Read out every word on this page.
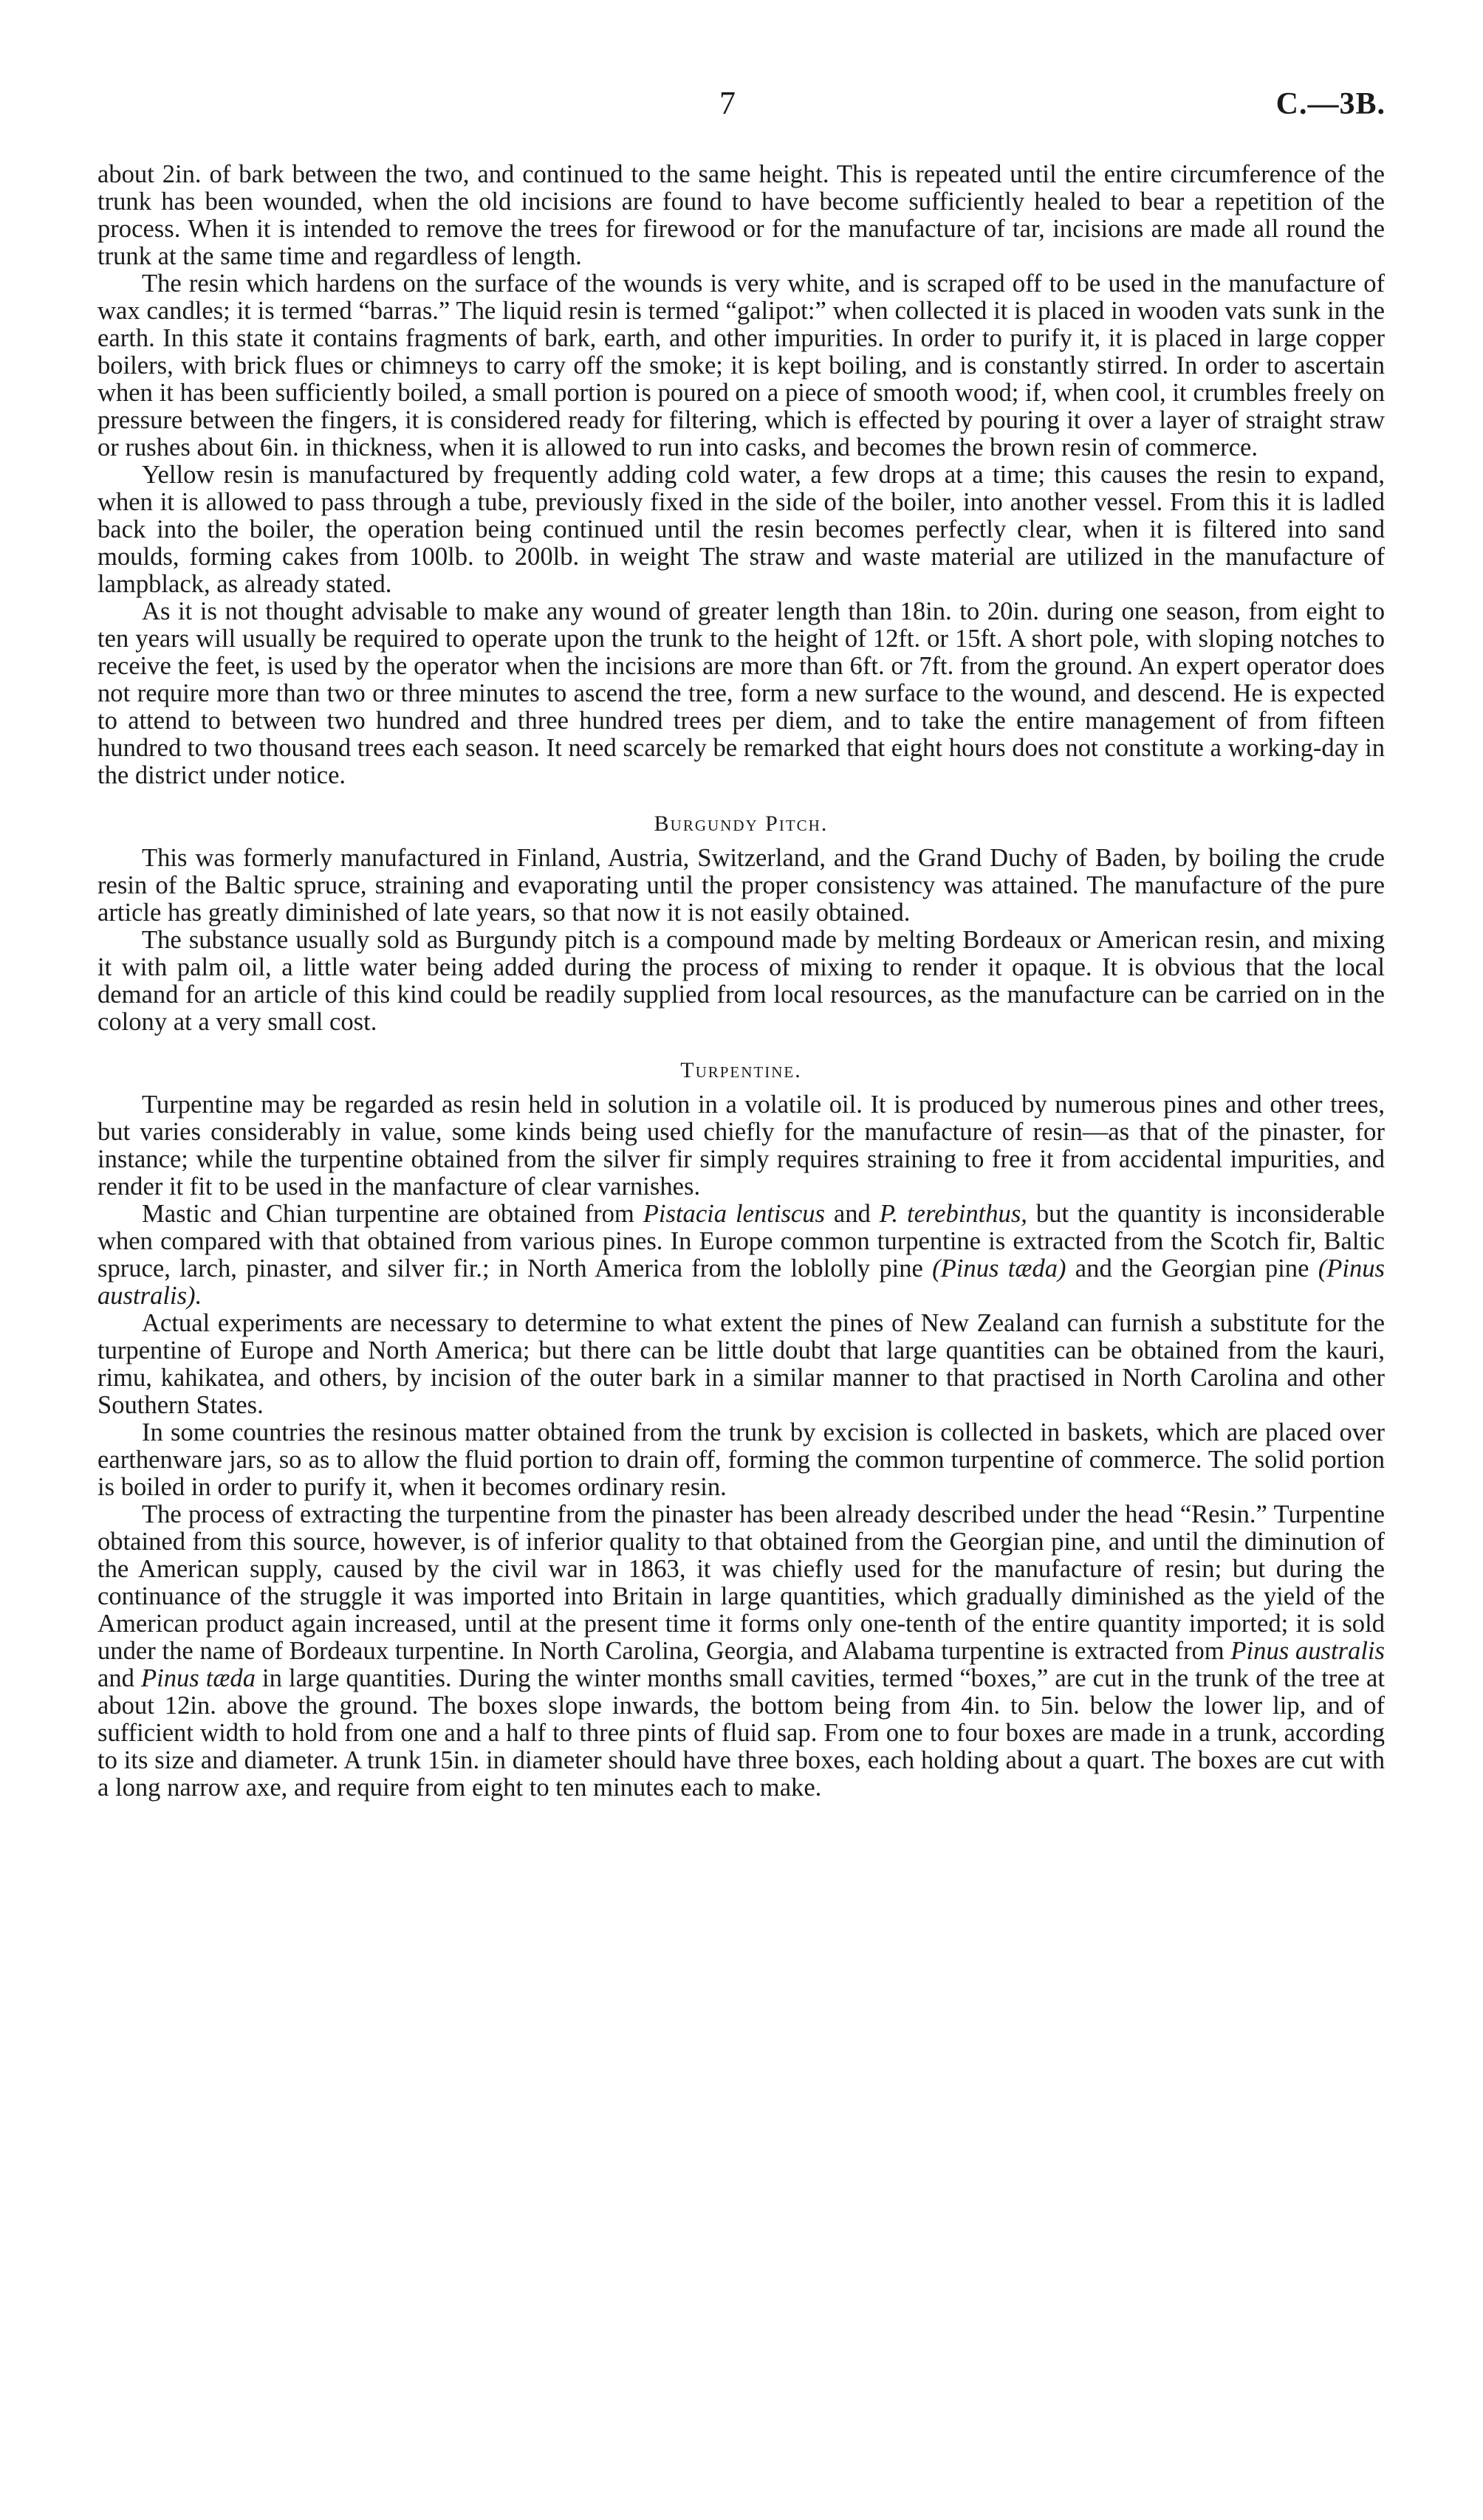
7	C.—3B.

about 2in. of bark between the two, and continued to the same height. This is repeated until the entire circumference of the trunk has been wounded, when the old incisions are found to have become sufficiently healed to bear a repetition of the process. When it is intended to remove the trees for firewood or for the manufacture of tar, incisions are made all round the trunk at the same time and regardless of length.

The resin which hardens on the surface of the wounds is very white, and is scraped off to be used in the manufacture of wax candles; it is termed “barras.” The liquid resin is termed “galipot:” when collected it is placed in wooden vats sunk in the earth. In this state it contains fragments of bark, earth, and other impurities. In order to purify it, it is placed in large copper boilers, with brick flues or chimneys to carry off the smoke; it is kept boiling, and is constantly stirred. In order to ascertain when it has been sufficiently boiled, a small portion is poured on a piece of smooth wood; if, when cool, it crumbles freely on pressure between the fingers, it is considered ready for filtering, which is effected by pouring it over a layer of straight straw or rushes about 6in. in thickness, when it is allowed to run into casks, and becomes the brown resin of commerce.

Yellow resin is manufactured by frequently adding cold water, a few drops at a time; this causes the resin to expand, when it is allowed to pass through a tube, previously fixed in the side of the boiler, into another vessel. From this it is ladled back into the boiler, the operation being continued until the resin becomes perfectly clear, when it is filtered into sand moulds, forming cakes from 100lb. to 200lb. in weight The straw and waste material are utilized in the manufacture of lampblack, as already stated.

As it is not thought advisable to make any wound of greater length than 18in. to 20in. during one season, from eight to ten years will usually be required to operate upon the trunk to the height of 12ft. or 15ft. A short pole, with sloping notches to receive the feet, is used by the operator when the incisions are more than 6ft. or 7ft. from the ground. An expert operator does not require more than two or three minutes to ascend the tree, form a new surface to the wound, and descend. He is expected to attend to between two hundred and three hundred trees per diem, and to take the entire management of from fifteen hundred to two thousand trees each season. It need scarcely be remarked that eight hours does not constitute a working-day in the district under notice.

Burgundy Pitch.

This was formerly manufactured in Finland, Austria, Switzerland, and the Grand Duchy of Baden, by boiling the crude resin of the Baltic spruce, straining and evaporating until the proper consistency was attained. The manufacture of the pure article has greatly diminished of late years, so that now it is not easily obtained.

The substance usually sold as Burgundy pitch is a compound made by melting Bordeaux or American resin, and mixing it with palm oil, a little water being added during the process of mixing to render it opaque. It is obvious that the local demand for an article of this kind could be readily supplied from local resources, as the manufacture can be carried on in the colony at a very small cost.

Turpentine.

Turpentine may be regarded as resin held in solution in a volatile oil. It is produced by numerous pines and other trees, but varies considerably in value, some kinds being used chiefly for the manufacture of resin—as that of the pinaster, for instance; while the turpentine obtained from the silver fir simply requires straining to free it from accidental impurities, and render it fit to be used in the manfacture of clear varnishes.

Mastic and Chian turpentine are obtained from Pistacia lentiscus and P. terebinthus, but the quantity is inconsiderable when compared with that obtained from various pines. In Europe common turpentine is extracted from the Scotch fir, Baltic spruce, larch, pinaster, and silver fir.; in North America from the loblolly pine (Pinus tæda) and the Georgian pine (Pinus australis).

Actual experiments are necessary to determine to what extent the pines of New Zealand can furnish a substitute for the turpentine of Europe and North America; but there can be little doubt that large quantities can be obtained from the kauri, rimu, kahikatea, and others, by incision of the outer bark in a similar manner to that practised in North Carolina and other Southern States.

In some countries the resinous matter obtained from the trunk by excision is collected in baskets, which are placed over earthenware jars, so as to allow the fluid portion to drain off, forming the common turpentine of commerce. The solid portion is boiled in order to purify it, when it becomes ordinary resin.

The process of extracting the turpentine from the pinaster has been already described under the head “Resin.” Turpentine obtained from this source, however, is of inferior quality to that obtained from the Georgian pine, and until the diminution of the American supply, caused by the civil war in 1863, it was chiefly used for the manufacture of resin; but during the continuance of the struggle it was imported into Britain in large quantities, which gradually diminished as the yield of the American product again increased, until at the present time it forms only one-tenth of the entire quantity imported; it is sold under the name of Bordeaux turpentine. In North Carolina, Georgia, and Alabama turpentine is extracted from Pinus australis and Pinus tæda in large quantities. During the winter months small cavities, termed “boxes,” are cut in the trunk of the tree at about 12in. above the ground. The boxes slope inwards, the bottom being from 4in. to 5in. below the lower lip, and of sufficient width to hold from one and a half to three pints of fluid sap. From one to four boxes are made in a trunk, according to its size and diameter. A trunk 15in. in diameter should have three boxes, each holding about a quart. The boxes are cut with a long narrow axe, and require from eight to ten minutes each to make.
